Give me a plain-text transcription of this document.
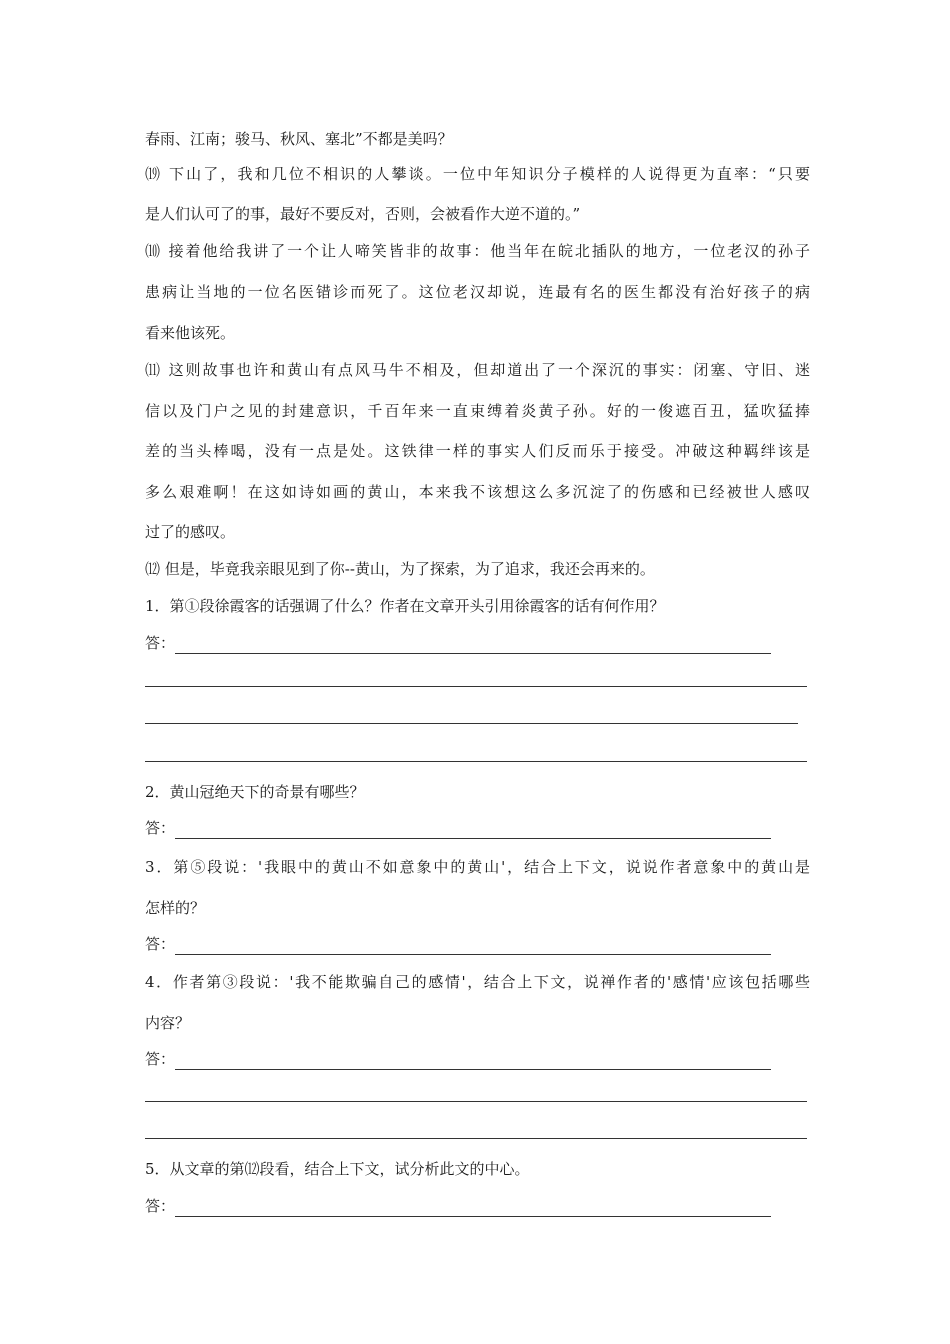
春雨、江南；骏马、秋风、塞北”不都是美吗？
⒆ 下山了，我和几位不相识的人攀谈。一位中年知识分子模样的人说得更为直率：“只要
是人们认可了的事，最好不要反对，否则，会被看作大逆不道的。”
⑽ 接着他给我讲了一个让人啼笑皆非的故事：他当年在皖北插队的地方，一位老汉的孙子
患病让当地的一位名医错诊而死了。这位老汉却说，连最有名的医生都没有治好孩子的病
看来他该死。
⑾ 这则故事也许和黄山有点风马牛不相及，但却道出了一个深沉的事实：闭塞、守旧、迷
信以及门户之见的封建意识，千百年来一直束缚着炎黄子孙。好的一俊遮百丑，猛吹猛捧
差的当头棒喝，没有一点是处。这铁律一样的事实人们反而乐于接受。冲破这种羁绊该是
多么艰难啊！在这如诗如画的黄山，本来我不该想这么多沉淀了的伤感和已经被世人感叹
过了的感叹。
⑿ 但是，毕竟我亲眼见到了你--黄山，为了探索，为了追求，我还会再来的。
1．第①段徐霞客的话强调了什么？作者在文章开头引用徐霞客的话有何作用？
答：
2．黄山冠绝天下的奇景有哪些？
答：
3．第⑤段说：'我眼中的黄山不如意象中的黄山'，结合上下文，说说作者意象中的黄山是
怎样的？
答：
4．作者第③段说：'我不能欺骗自己的感情'，结合上下文，说禅作者的'感情'应该包括哪些
内容？
答：
5．从文章的第⑿段看，结合上下文，试分析此文的中心。
答：
